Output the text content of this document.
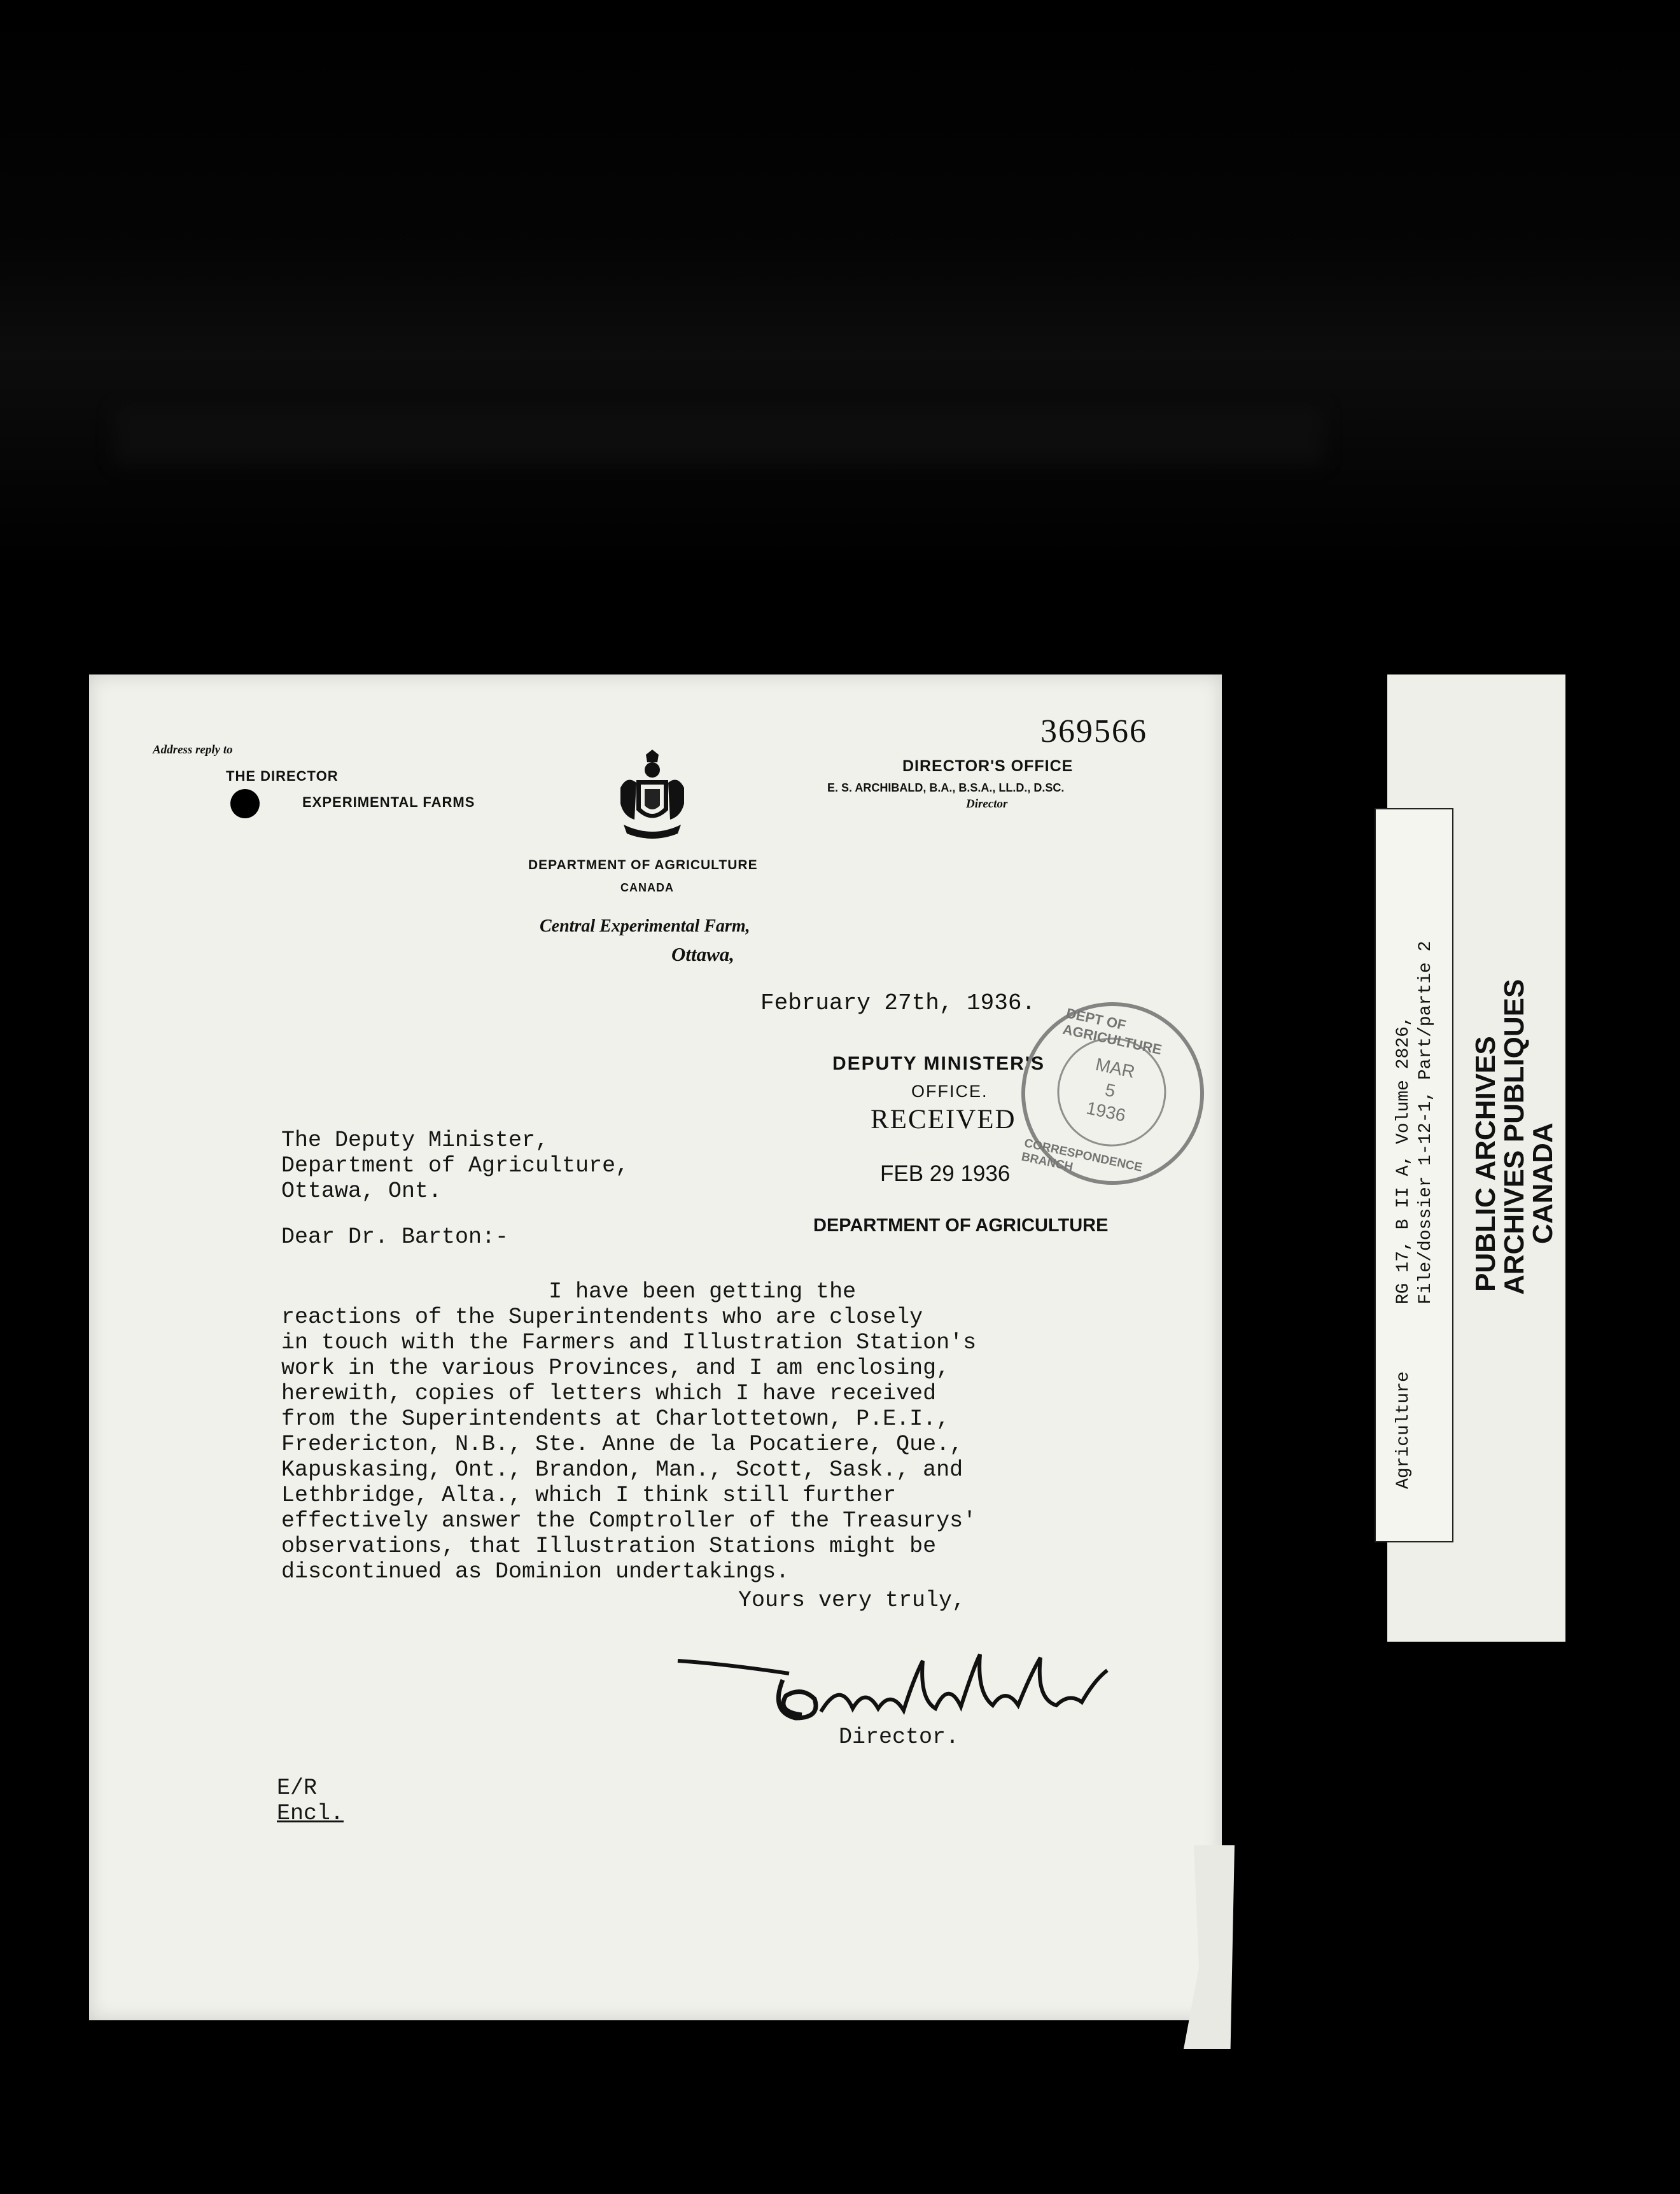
369566
Address reply to
THE DIRECTOR
EXPERIMENTAL FARMS
DEPARTMENT OF AGRICULTURE
CANADA
Central Experimental Farm,
Ottawa,
DIRECTOR'S OFFICE
E. S. ARCHIBALD, B.A., B.S.A., LL.D., D.SC.
Director
February 27th, 1936.
DEPUTY MINISTER'S
OFFICE.
RECEIVED
FEB 29 1936
DEPARTMENT OF AGRICULTURE
DEPT OF AGRICULTURE
MAR
5
1936
CORRESPONDENCE BRANCH
The Deputy Minister,
Department of Agriculture,
Ottawa, Ont.
Dear Dr. Barton:-
I have been getting the
reactions of the Superintendents who are closely
in touch with the Farmers and Illustration Station's
work in the various Provinces, and I am enclosing,
herewith, copies of letters which I have received
from the Superintendents at Charlottetown, P.E.I.,
Fredericton, N.B., Ste. Anne de la Pocatiere, Que.,
Kapuskasing, Ont., Brandon, Man., Scott, Sask., and
Lethbridge, Alta., which I think still further
effectively answer the Comptroller of the Treasurys'
observations, that Illustration Stations might be
discontinued as Dominion undertakings.
Yours very truly,
Director.
E/R
Encl.
Agriculture
RG 17, B II A, Volume 2826, File/dossier 1-12-1, Part/partie 2 PUBLIC ARCHIVES
ARCHIVES PUBLIQUES
CANADA
